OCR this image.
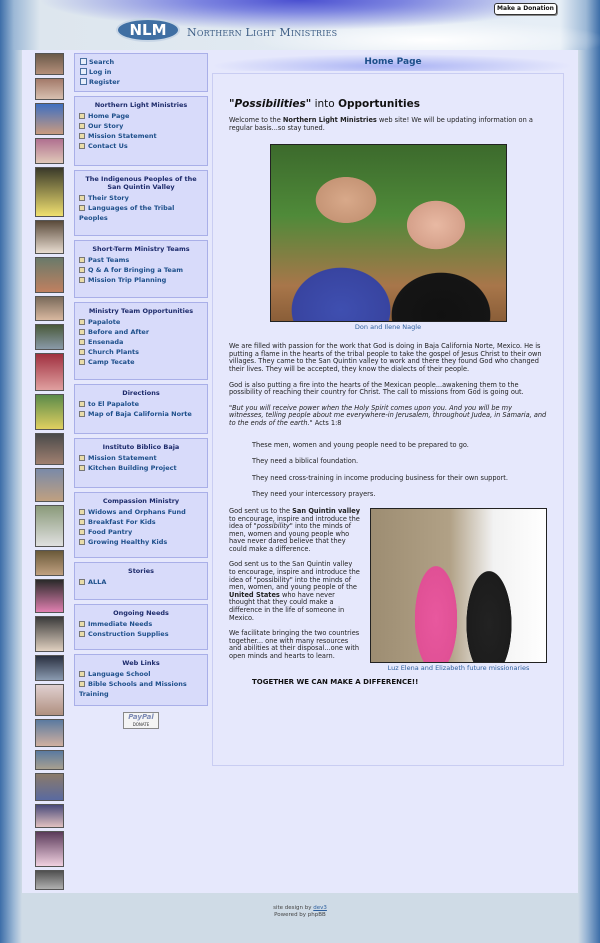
NLM	Northern Light Ministries
Make a Donation
Search
Log in
Register
Northern Light Ministries
Home Page
Our Story
Mission Statement
Contact Us
The Indigenous Peoples of the San Quintin Valley
Their Story
Languages of the Tribal Peoples
Short-Term Ministry Teams
Past Teams
Q & A for Bringing a Team
Mission Trip Planning
Ministry Team Opportunities
Papalote
Before and After
Ensenada
Church Plants
Camp Tecate
Directions
to El Papalote
Map of Baja California Norte
Instituto Biblico Baja
Mission Statement
Kitchen Building Project
Compassion Ministry
Widows and Orphans Fund
Breakfast For Kids
Food Pantry
Growing Healthy Kids
Stories
ALLA
Ongoing Needs
Immediate Needs
Construction Supplies
Web Links
Language School
Bible Schools and Missions Training
PayPal
DONATE
Home Page
"Possibilities" into Opportunities

Welcome to the Northern Light Ministries web site! We will be updating information on a regular basis...so stay tuned.

Don and Ilene Nagle

We are filled with passion for the work that God is doing in Baja California Norte, Mexico. He is putting a flame in the hearts of the tribal people to take the gospel of Jesus Christ to their own villages. They came to the San Quintin valley to work and there they found God who changed their lives. They will be accepted, they know the dialects of their people.

God is also putting a fire into the hearts of the Mexican people...awakening them to the possibility of reaching their country for Christ. The call to missions from God is going out.

"But you will receive power when the Holy Spirit comes upon you. And you will be my witnesses, telling people about me everywhere-in Jerusalem, throughout Judea, in Samaria, and to the ends of the earth." Acts 1:8

These men, women and young people need to be prepared to go.

They need a biblical foundation.

They need cross-training in income producing business for their own support.

They need your intercessory prayers.

God sent us to the San Quintin valley to encourage, inspire and introduce the idea of "possibility" into the minds of men, women and young people who have never dared believe that they could make a difference.

God sent us to the San Quintin valley to encourage, inspire and introduce the idea of "possibility" into the minds of men, women, and young people of the United States who have never thought that they could make a difference in the life of someone in Mexico.

We facilitate bringing the two countries together... one with many resources and abilities at their disposal...one with open minds and hearts to learn.

Luz Elena and Elizabeth future missionaries
TOGETHER WE CAN MAKE A DIFFERENCE!!
site design by dev3
Powered by phpBB
